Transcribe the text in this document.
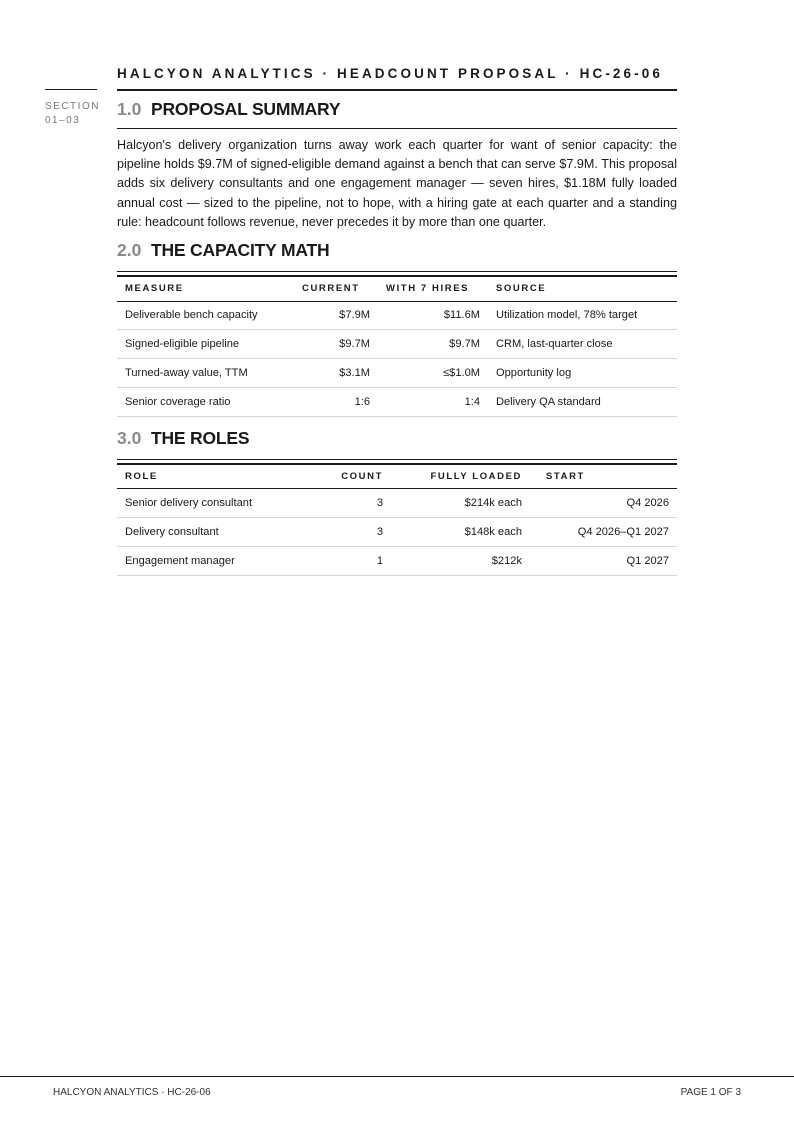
HALCYON ANALYTICS · HEADCOUNT PROPOSAL · HC-26-06
SECTION
01–03
1.0 PROPOSAL SUMMARY

Halcyon's delivery organization turns away work each quarter for want of senior capacity: the pipeline holds $9.7M of signed-eligible demand against a bench that can serve $7.9M. This proposal adds six delivery consultants and one engagement manager — seven hires, $1.18M fully loaded annual cost — sized to the pipeline, not to hope, with a hiring gate at each quarter and a standing rule: headcount follows revenue, never precedes it by more than one quarter.

2.0 THE CAPACITY MATH
MEASURE	CURRENT	WITH 7 HIRES	SOURCE
Deliverable bench capacity	$7.9M	$11.6M	Utilization model, 78% target
Signed-eligible pipeline	$9.7M	$9.7M	CRM, last-quarter close
Turned-away value, TTM	$3.1M	≤$1.0M	Opportunity log
Senior coverage ratio	1:6	1:4	Delivery QA standard
3.0 THE ROLES
ROLE	COUNT	FULLY LOADED	START
Senior delivery consultant	3	$214k each	Q4 2026
Delivery consultant	3	$148k each	Q4 2026–Q1 2027
Engagement manager	1	$212k	Q1 2027
HALCYON ANALYTICS · HC-26-06	PAGE 1 OF 3
